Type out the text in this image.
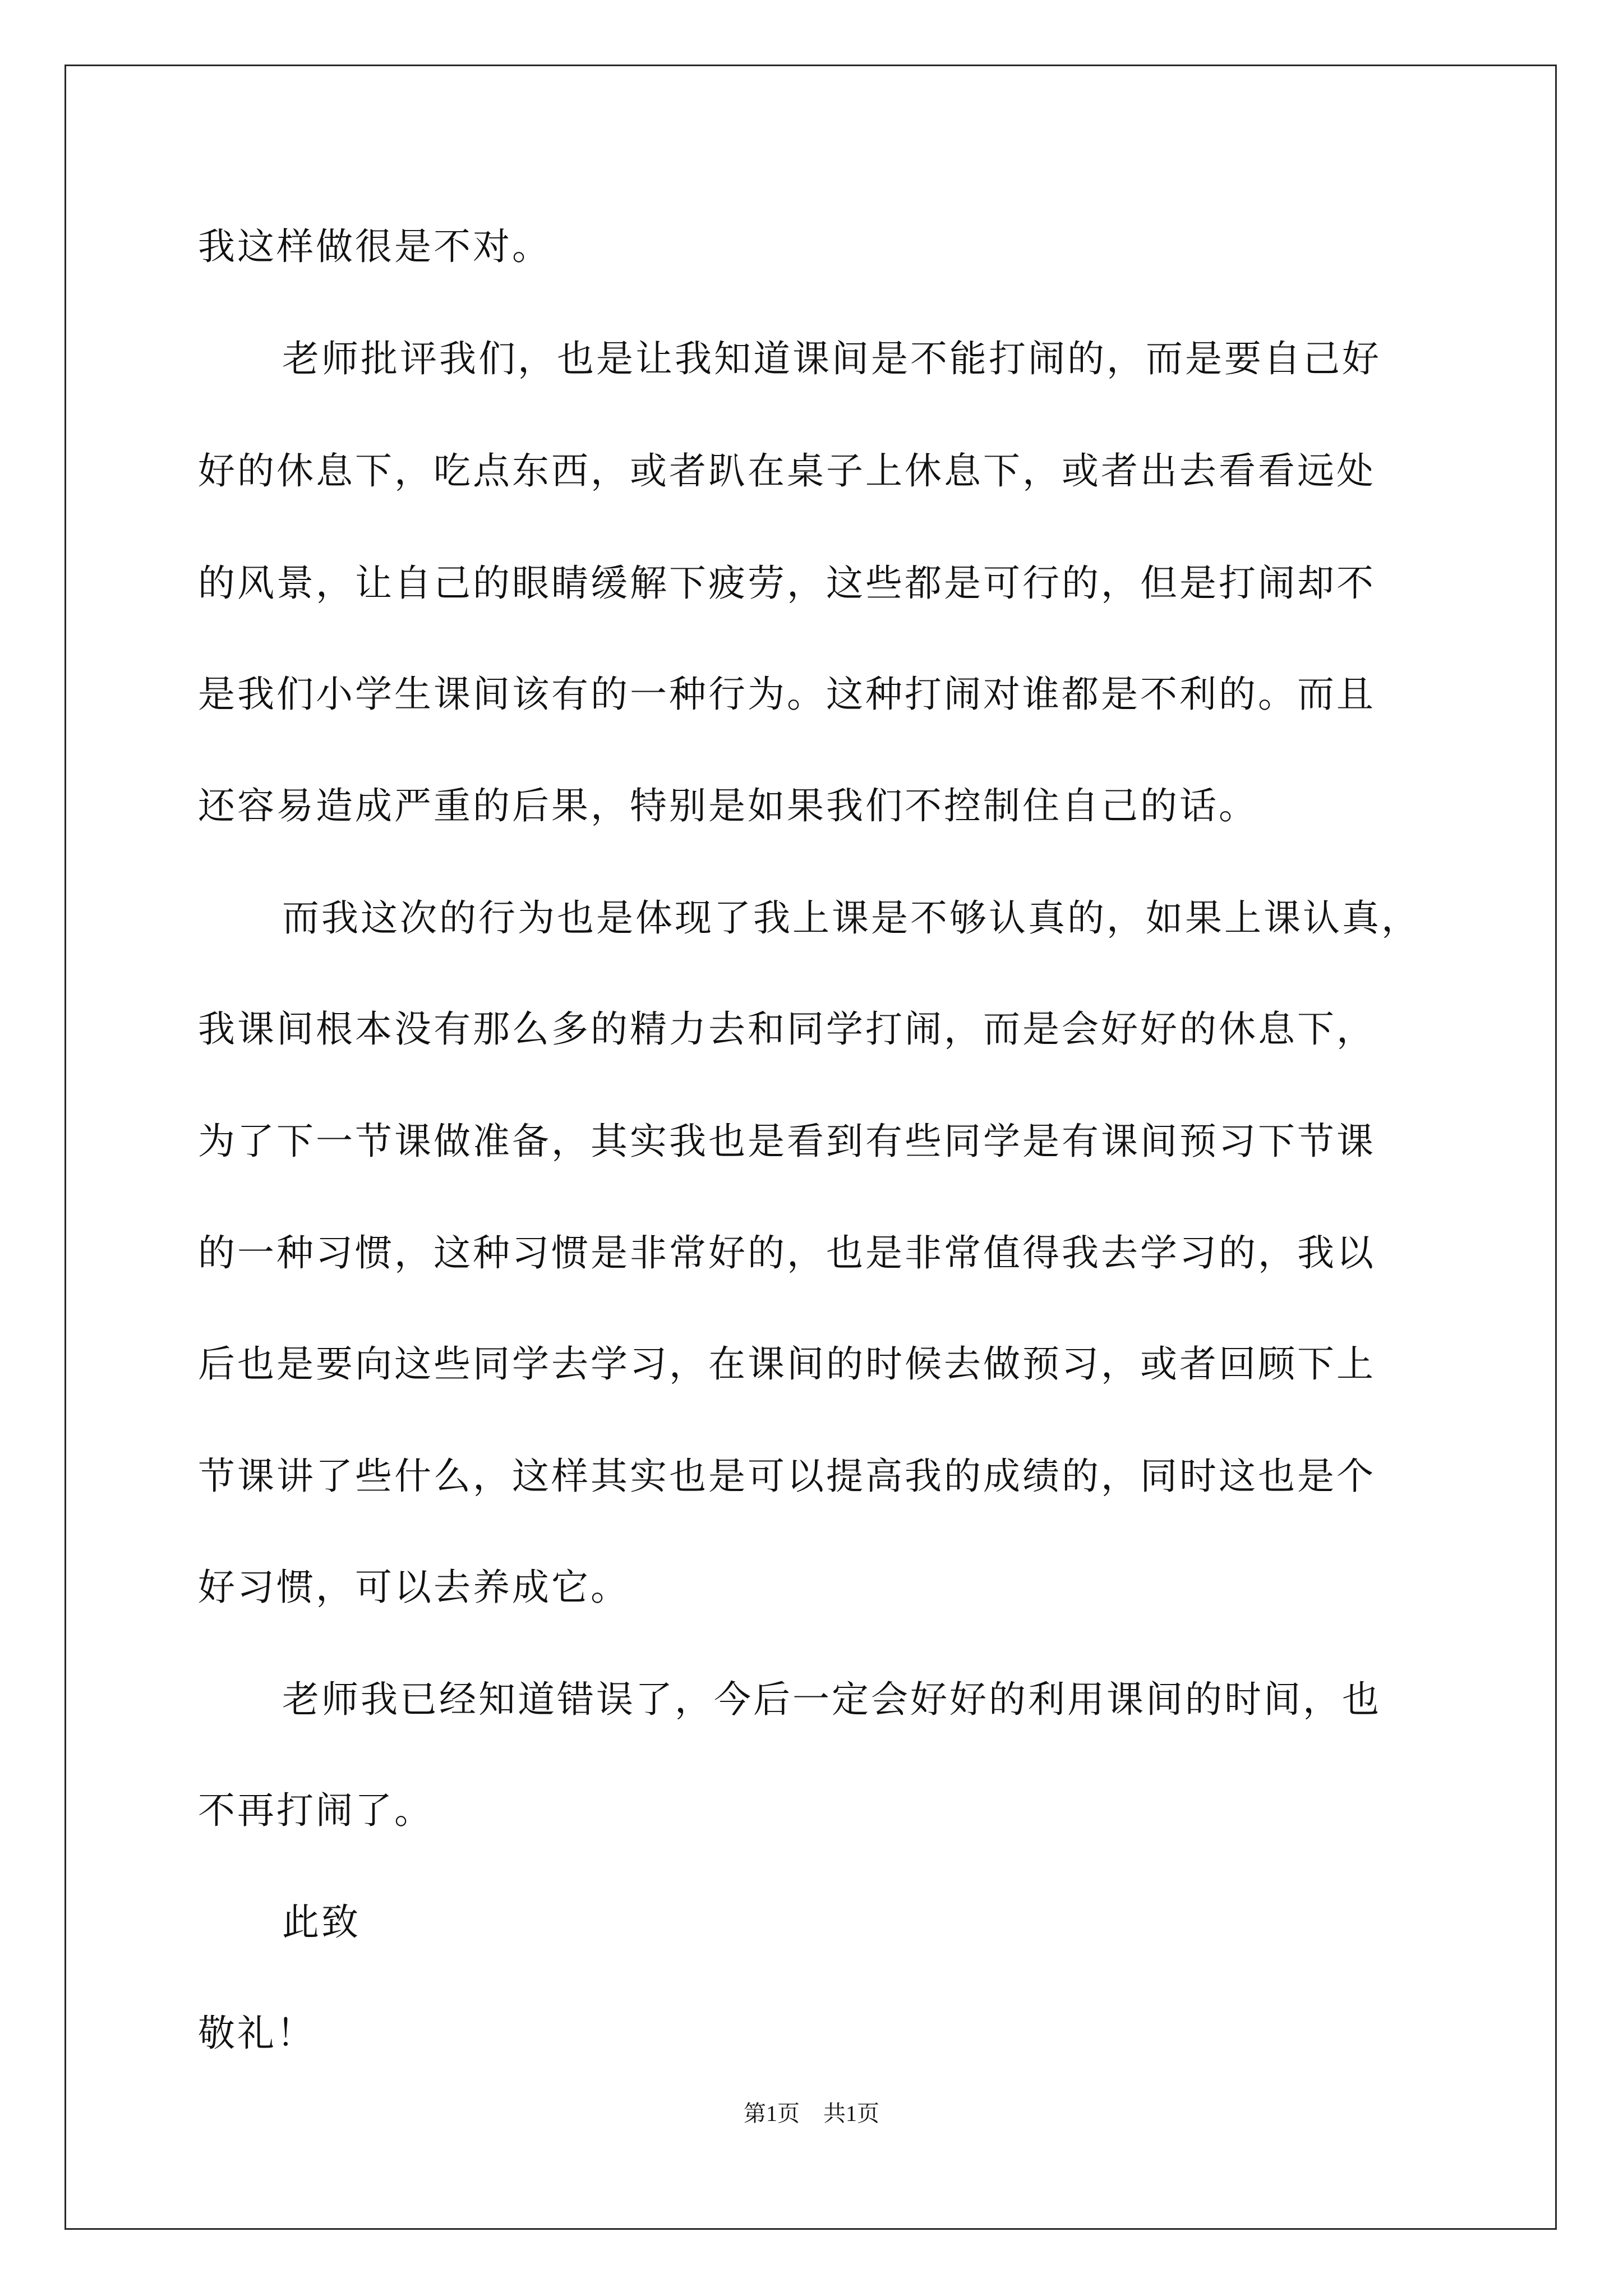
我这样做很是不对。
老师批评我们，也是让我知道课间是不能打闹的，而是要自己好
好的休息下，吃点东西，或者趴在桌子上休息下，或者出去看看远处
的风景，让自己的眼睛缓解下疲劳，这些都是可行的，但是打闹却不
是我们小学生课间该有的一种行为。这种打闹对谁都是不利的。而且
还容易造成严重的后果，特别是如果我们不控制住自己的话。
而我这次的行为也是体现了我上课是不够认真的，如果上课认真，
我课间根本没有那么多的精力去和同学打闹，而是会好好的休息下，
为了下一节课做准备，其实我也是看到有些同学是有课间预习下节课
的一种习惯，这种习惯是非常好的，也是非常值得我去学习的，我以
后也是要向这些同学去学习，在课间的时候去做预习，或者回顾下上
节课讲了些什么，这样其实也是可以提高我的成绩的，同时这也是个
好习惯，可以去养成它。
老师我已经知道错误了，今后一定会好好的利用课间的时间，也
不再打闹了。
此致
敬礼！
第1页 共1页
